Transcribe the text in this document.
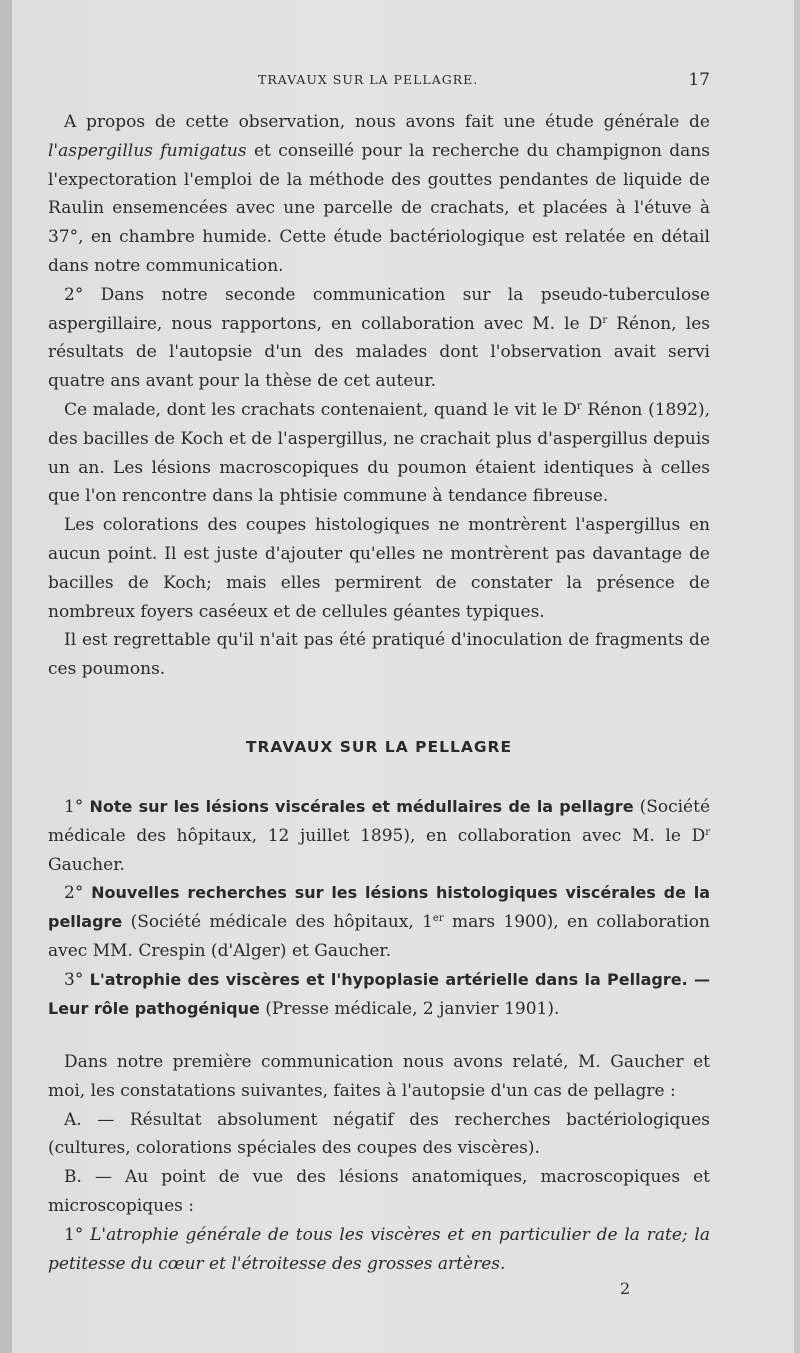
TRAVAUX SUR LA PELLAGRE.	17

A propos de cette observation, nous avons fait une étude générale de l'aspergillus fumigatus et conseillé pour la recherche du champignon dans l'expectoration l'emploi de la méthode des gouttes pendantes de liquide de Raulin ensemencées avec une parcelle de crachats, et placées à l'étuve à 37°, en chambre humide. Cette étude bactériologique est relatée en détail dans notre communication.

2° Dans notre seconde communication sur la pseudo-tuberculose aspergillaire, nous rapportons, en collaboration avec M. le $D^r$ Rénon, les résultats de l'autopsie d'un des malades dont l'observation avait servi quatre ans avant pour la thèse de cet auteur.

Ce malade, dont les crachats contenaient, quand le vit le $D^r$ Rénon (1892), des bacilles de Koch et de l'aspergillus, ne crachait plus d'aspergillus depuis un an. Les lésions macroscopiques du poumon étaient identiques à celles que l'on rencontre dans la phtisie commune à tendance fibreuse.

Les colorations des coupes histologiques ne montrèrent l'aspergillus en aucun point. Il est juste d'ajouter qu'elles ne montrèrent pas davantage de bacilles de Koch; mais elles permirent de constater la présence de nombreux foyers caséeux et de cellules géantes typiques.

Il est regrettable qu'il n'ait pas été pratiqué d'inoculation de fragments de ces poumons.

TRAVAUX SUR LA PELLAGRE

1° Note sur les lésions viscérales et médullaires de la pellagre (Société médicale des hôpitaux, 12 juillet 1895), en collaboration avec M. le $D^r$ Gaucher.

2° Nouvelles recherches sur les lésions histologiques viscérales de la pellagre (Société médicale des hôpitaux, 1er mars 1900), en collaboration avec MM. Crespin (d'Alger) et Gaucher.

3° L'atrophie des viscères et l'hypoplasie artérielle dans la Pellagre. — Leur rôle pathogénique (Presse médicale, 2 janvier 1901).

Dans notre première communication nous avons relaté, M. Gaucher et moi, les constatations suivantes, faites à l'autopsie d'un cas de pellagre :

A. — Résultat absolument négatif des recherches bactériologiques (cultures, colorations spéciales des coupes des viscères).

B. — Au point de vue des lésions anatomiques, macroscopiques et microscopiques :

1° L'atrophie générale de tous les viscères et en particulier de la rate; la petitesse du cœur et l'étroitesse des grosses artères.

2
